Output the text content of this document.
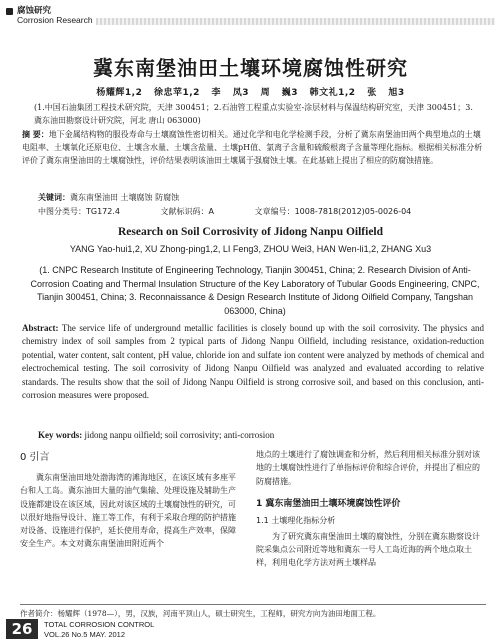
腐蚀研究
Corrosion Research
冀东南堡油田土壤环境腐蚀性研究
杨耀辉1,2 徐忠苹1,2 李 凤3 周 巍3 韩文礼1,2 张 旭3
(1.中国石油集团工程技术研究院，天津 300451；2.石油管工程重点实验室-涂层材料与保温结构研究室，天津 300451；3.冀东油田勘察设计研究院，河北 唐山 063000)
摘 要：地下金属结构物的服役寿命与土壤腐蚀性密切相关。通过化学和电化学检测手段，分析了冀东南堡油田两个典型地点的土壤电阻率、土壤氧化还原电位、土壤含水量、土壤含盐量、土壤pH值、氯离子含量和硫酸根离子含量等理化指标。根据相关标准分析评价了冀东南堡油田的土壤腐蚀性，评价结果表明该油田土壤属于强腐蚀土壤。在此基础上提出了相应的防腐蚀措施。
关键词：冀东南堡油田 土壤腐蚀 防腐蚀
中图分类号：TG172.4	文献标识码：A	文章编号：1008-7818(2012)05-0026-04
Research on Soil Corrosivity of Jidong Nanpu Oilfield
YANG Yao-hui1,2, XU Zhong-ping1,2, LI Feng3, ZHOU Wei3, HAN Wen-li1,2, ZHANG Xu3
(1. CNPC Research Institute of Engineering Technology, Tianjin 300451, China; 2. Research Division of Anti-Corrosion Coating and Thermal Insulation Structure of the Key Laboratory of Tubular Goods Engineering, CNPC, Tianjin 300451, China; 3. Reconnaissance & Design Research Institute of Jidong Oilfield Company, Tangshan 063000, China)
Abstract: The service life of underground metallic facilities is closely bound up with the soil corrosivity. The physics and chemistry index of soil samples from 2 typical parts of Jidong Nanpu Oilfield, including resistance, oxidation-reduction potential, water content, salt content, pH value, chloride ion and sulfate ion content were analyzed by methods of chemical and electrochemical testing. The soil corrosivity of Jidong Nanpu Oilfield was analyzed and evaluated according to relative standards. The results show that the soil of Jidong Nanpu Oilfield is strong corrosive soil, and based on this conclusion, anti-corrosion measures were proposed.
Key words: jidong nanpu oilfield; soil corrosivity; anti-corrosion
0 引言

冀东南堡油田地处渤海湾的滩海地区，在该区域有多座平台和人工岛。冀东油田大量的油气集输、处理设施及辅助生产设施都建设在该区域，因此对该区域的土壤腐蚀性的研究，可以很好地指导设计、施工等工作，有利于采取合理的防护措施对设备、设施进行保护，延长使用寿命，提高生产效率，保障安全生产。本文对冀东南堡油田附近两个

地点的土壤进行了腐蚀调查和分析，然后利用相关标准分别对该地的土壤腐蚀性进行了单指标评价和综合评价，并提出了相应的防腐措施。

1 冀东南堡油田土壤环境腐蚀性评价
1.1 土壤理化指标分析

为了研究冀东南堡油田土壤的腐蚀性，分别在冀东勘察设计院采集点公司附近等地和冀东一号人工岛近海的两个地点取土样，利用电化学方法对两土壤样品

作者简介：杨耀辉（1978—），男，汉族，河南平顶山人，硕士研究生，工程师，研究方向为油田地面工程。
26	TOTAL CORROSION CONTROL
VOL.26 No.5 MAY. 2012
